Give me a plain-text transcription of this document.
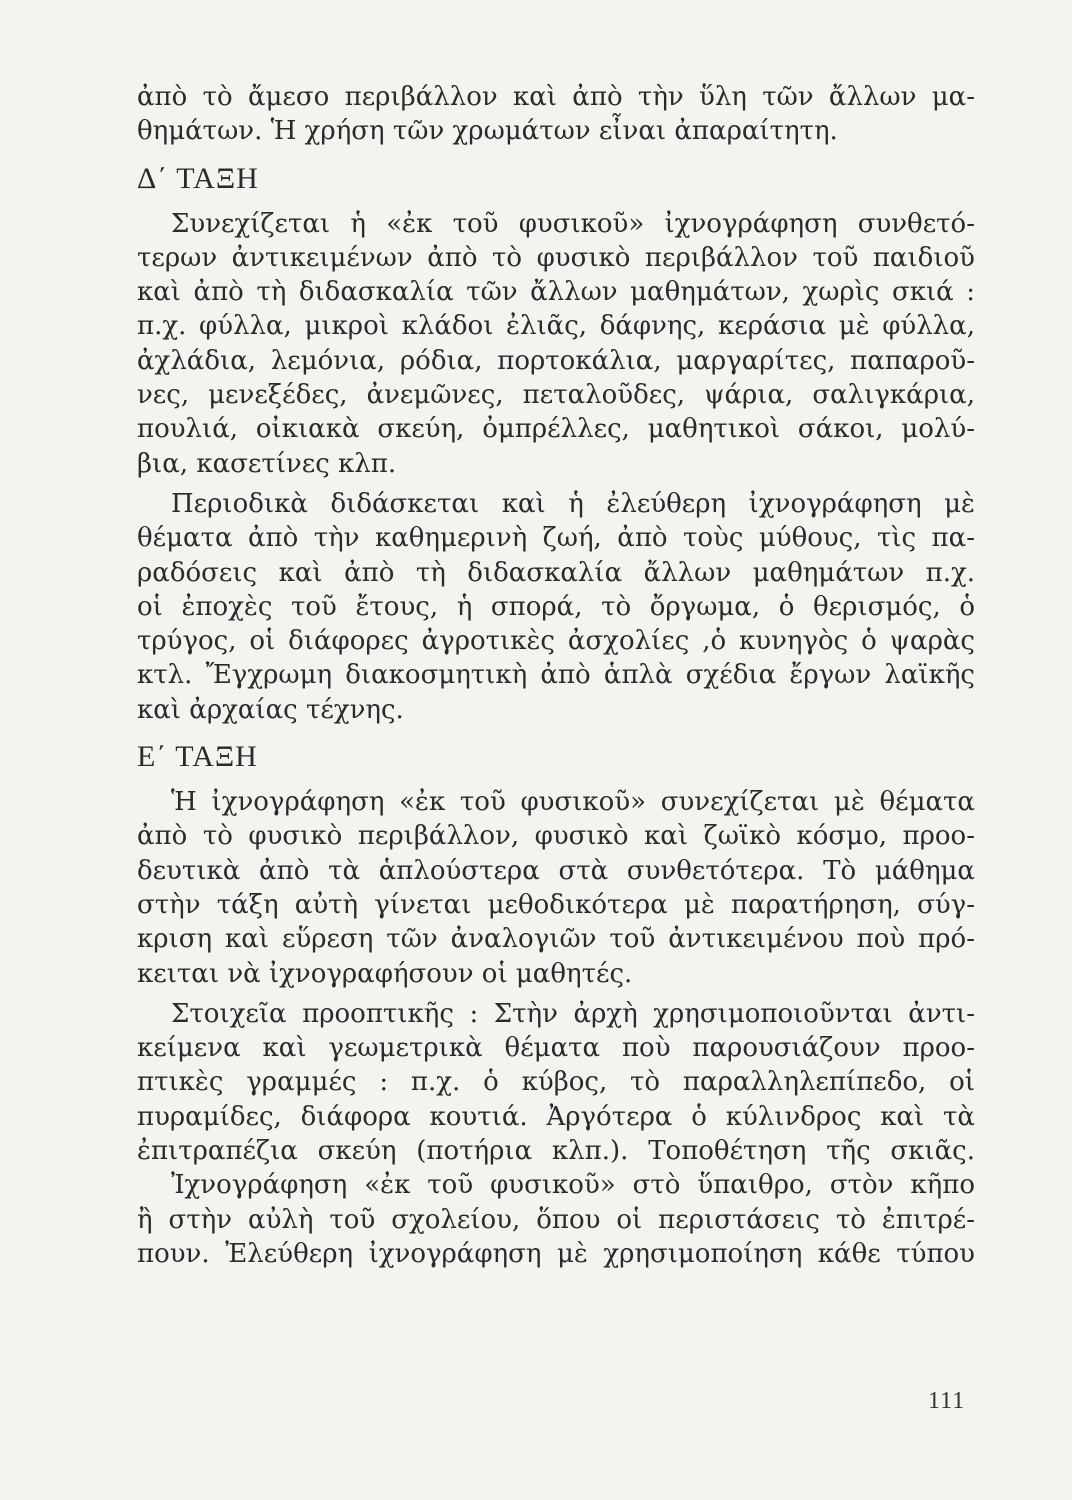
ἀπὸ τὸ ἄμεσο περιβάλλον καὶ ἀπὸ τὴν ὕλη τῶν ἄλλων μα-
θημάτων. Ἡ χρήση τῶν χρωμάτων εἶναι ἀπαραίτητη.
Δ΄ ΤΑΞΗ
Συνεχίζεται ἡ «ἐκ τοῦ φυσικοῦ» ἰχνογράφηση συνθετό-
τερων ἀντικειμένων ἀπὸ τὸ φυσικὸ περιβάλλον τοῦ παιδιοῦ
καὶ ἀπὸ τὴ διδασκαλία τῶν ἄλλων μαθημάτων, χωρὶς σκιά :
π.χ. φύλλα, μικροὶ κλάδοι ἐλιᾶς, δάφνης, κεράσια μὲ φύλλα,
ἀχλάδια, λεμόνια, ρόδια, πορτοκάλια, μαργαρίτες, παπαροῦ-
νες, μενεξέδες, ἀνεμῶνες, πεταλοῦδες, ψάρια, σαλιγκάρια,
πουλιά, οἰκιακὰ σκεύη, ὀμπρέλλες, μαθητικοὶ σάκοι, μολύ-
βια, κασετίνες κλπ.
Περιοδικὰ διδάσκεται καὶ ἡ ἐλεύθερη ἰχνογράφηση μὲ
θέματα ἀπὸ τὴν καθημερινὴ ζωή, ἀπὸ τοὺς μύθους, τὶς πα-
ραδόσεις καὶ ἀπὸ τὴ διδασκαλία ἄλλων μαθημάτων π.χ.
οἱ ἐποχὲς τοῦ ἔτους, ἡ σπορά, τὸ ὄργωμα, ὁ θερισμός, ὁ
τρύγος, οἱ διάφορες ἀγροτικὲς ἀσχολίες ,ὁ κυνηγὸς ὁ ψαρὰς
κτλ. Ἔγχρωμη διακοσμητικὴ ἀπὸ ἁπλὰ σχέδια ἔργων λαϊκῆς
καὶ ἀρχαίας τέχνης.
Ε΄ ΤΑΞΗ
Ἡ ἰχνογράφηση «ἐκ τοῦ φυσικοῦ» συνεχίζεται μὲ θέματα
ἀπὸ τὸ φυσικὸ περιβάλλον, φυσικὸ καὶ ζωϊκὸ κόσμο, προο-
δευτικὰ ἀπὸ τὰ ἁπλούστερα στὰ συνθετότερα. Τὸ μάθημα
στὴν τάξη αὐτὴ γίνεται μεθοδικότερα μὲ παρατήρηση, σύγ-
κριση καὶ εὕρεση τῶν ἀναλογιῶν τοῦ ἀντικειμένου ποὺ πρό-
κειται νὰ ἰχνογραφήσουν οἱ μαθητές.
Στοιχεῖα προοπτικῆς : Στὴν ἀρχὴ χρησιμοποιοῦνται ἀντι-
κείμενα καὶ γεωμετρικὰ θέματα ποὺ παρουσιάζουν προο-
πτικὲς γραμμές : π.χ. ὁ κύβος, τὸ παραλληλεπίπεδο, οἱ
πυραμίδες, διάφορα κουτιά. Ἀργότερα ὁ κύλινδρος καὶ τὰ
ἐπιτραπέζια σκεύη (ποτήρια κλπ.). Τοποθέτηση τῆς σκιᾶς.
Ἰχνογράφηση «ἐκ τοῦ φυσικοῦ» στὸ ὕπαιθρο, στὸν κῆπο
ἢ στὴν αὐλὴ τοῦ σχολείου, ὅπου οἱ περιστάσεις τὸ ἐπιτρέ-
πουν. Ἐλεύθερη ἰχνογράφηση μὲ χρησιμοποίηση κάθε τύπου
111
